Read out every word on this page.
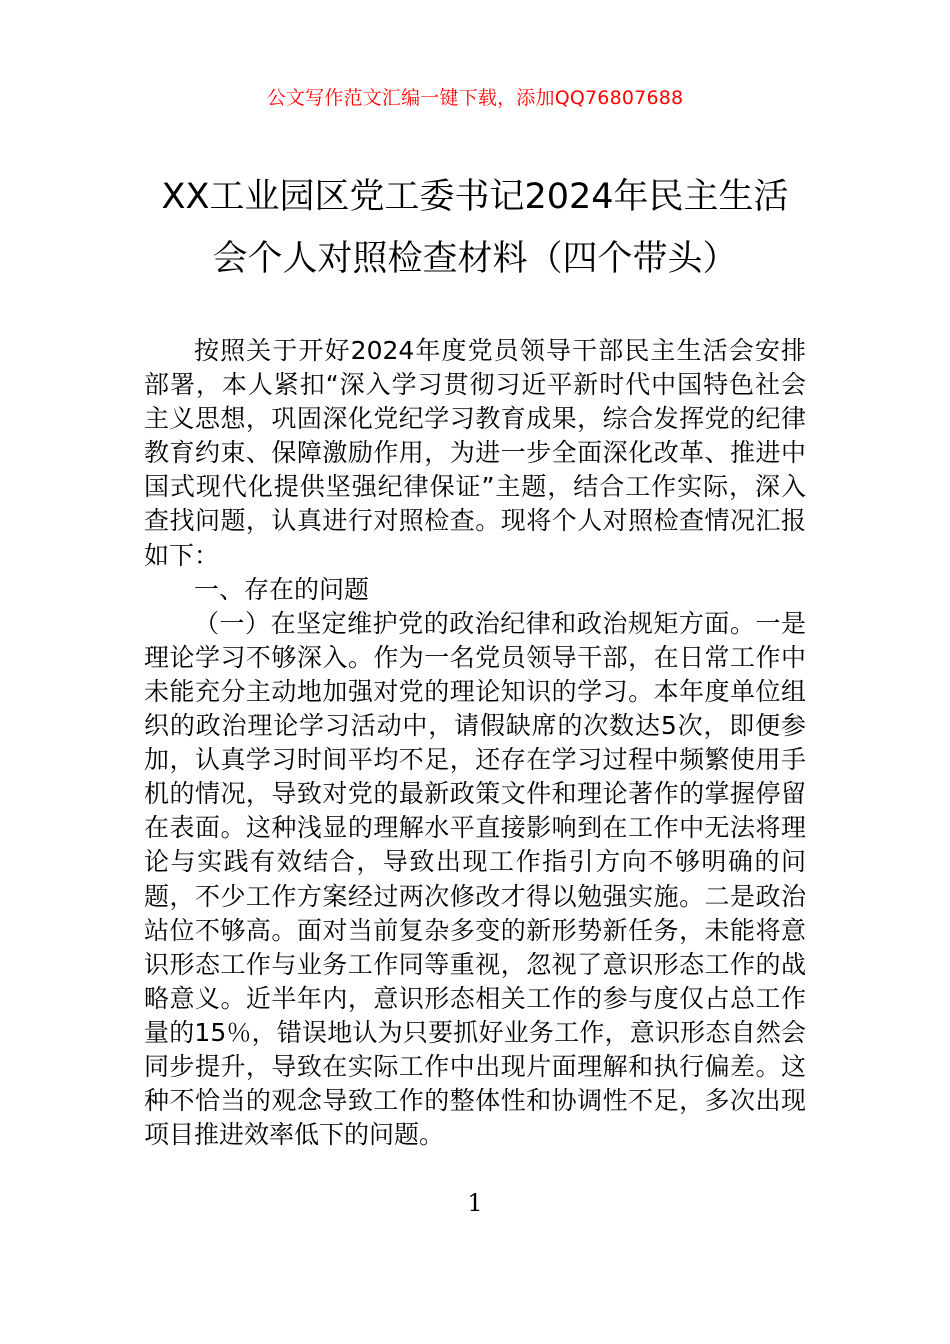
公文写作范文汇编一键下载，添加QQ76807688
XX工业园区党工委书记2024年民主生活
会个人对照检查材料（四个带头）

按照关于开好2024年度党员领导干部民主生活会安排部署，本人紧扣“深入学习贯彻习近平新时代中国特色社会主义思想，巩固深化党纪学习教育成果，综合发挥党的纪律教育约束、保障激励作用，为进一步全面深化改革、推进中国式现代化提供坚强纪律保证”主题，结合工作实际，深入查找问题，认真进行对照检查。现将个人对照检查情况汇报如下：

一、存在的问题

（一）在坚定维护党的政治纪律和政治规矩方面。一是理论学习不够深入。作为一名党员领导干部，在日常工作中未能充分主动地加强对党的理论知识的学习。本年度单位组织的政治理论学习活动中，请假缺席的次数达5次，即便参加，认真学习时间平均不足，还存在学习过程中频繁使用手机的情况，导致对党的最新政策文件和理论著作的掌握停留在表面。这种浅显的理解水平直接影响到在工作中无法将理论与实践有效结合，导致出现工作指引方向不够明确的问题，不少工作方案经过两次修改才得以勉强实施。二是政治站位不够高。面对当前复杂多变的新形势新任务，未能将意识形态工作与业务工作同等重视，忽视了意识形态工作的战略意义。近半年内，意识形态相关工作的参与度仅占总工作量的15％，错误地认为只要抓好业务工作，意识形态自然会同步提升，导致在实际工作中出现片面理解和执行偏差。这种不恰当的观念导致工作的整体性和协调性不足，多次出现项目推进效率低下的问题。

1
